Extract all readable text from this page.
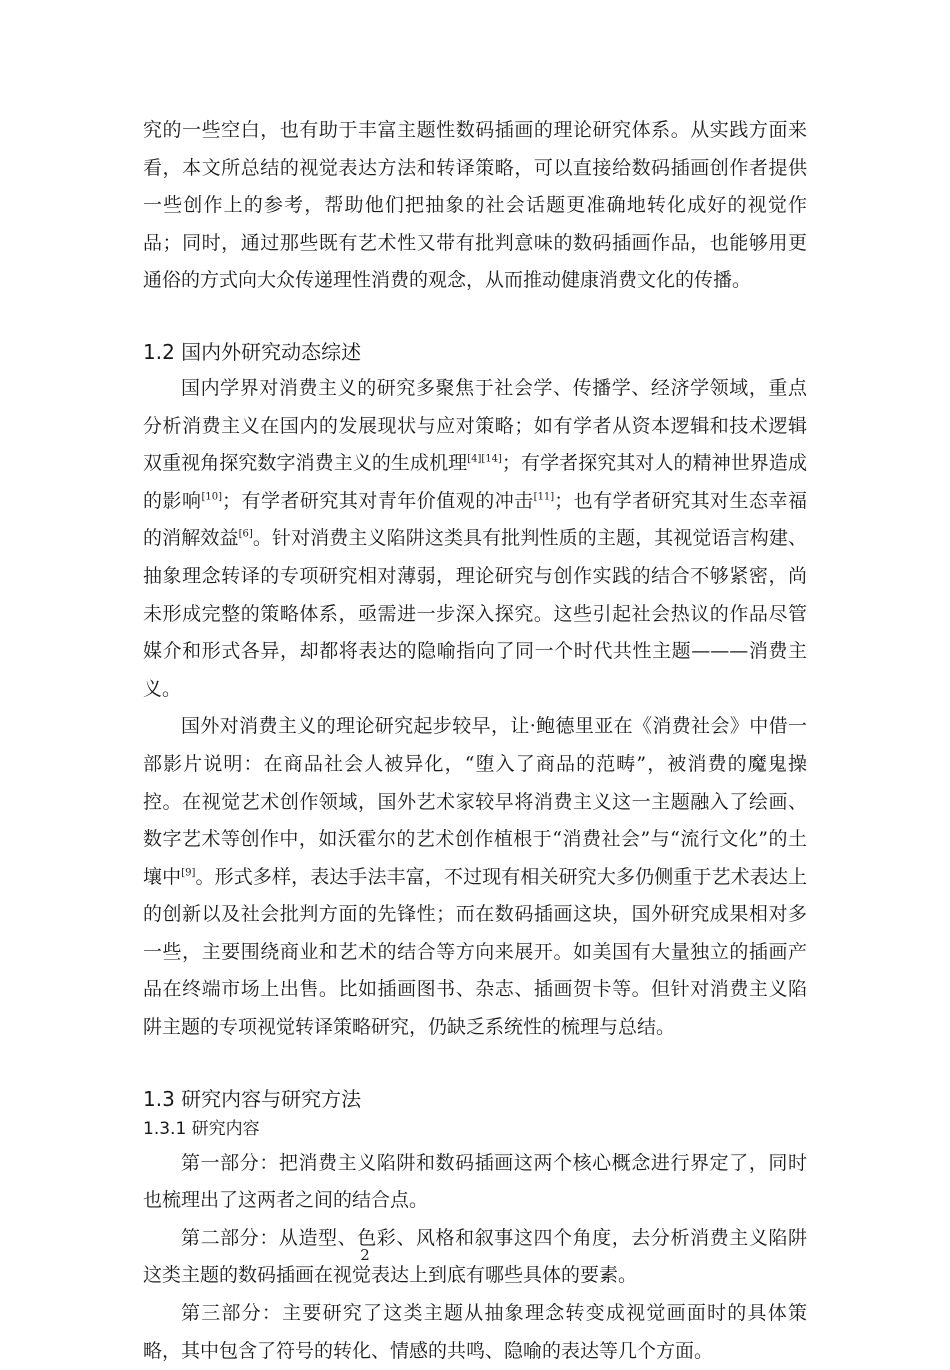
究的一些空白，也有助于丰富主题性数码插画的理论研究体系。从实践方面来看，本文所总结的视觉表达方法和转译策略，可以直接给数码插画创作者提供一些创作上的参考，帮助他们把抽象的社会话题更准确地转化成好的视觉作品；同时，通过那些既有艺术性又带有批判意味的数码插画作品，也能够用更通俗的方式向大众传递理性消费的观念，从而推动健康消费文化的传播。

1.2 国内外研究动态综述

国内学界对消费主义的研究多聚焦于社会学、传播学、经济学领域，重点分析消费主义在国内的发展现状与应对策略；如有学者从资本逻辑和技术逻辑双重视角探究数字消费主义的生成机理[4][14]；有学者探究其对人的精神世界造成的影响[10]；有学者研究其对青年价值观的冲击[11]；也有学者研究其对生态幸福的消解效益[6]。针对消费主义陷阱这类具有批判性质的主题，其视觉语言构建、抽象理念转译的专项研究相对薄弱，理论研究与创作实践的结合不够紧密，尚未形成完整的策略体系，亟需进一步深入探究。这些引起社会热议的作品尽管媒介和形式各异，却都将表达的隐喻指向了同一个时代共性主题———消费主义。

国外对消费主义的理论研究起步较早，让·鲍德里亚在《消费社会》中借一部影片说明：在商品社会人被异化，“堕入了商品的范畴”，被消费的魔鬼操控。在视觉艺术创作领域，国外艺术家较早将消费主义这一主题融入了绘画、数字艺术等创作中，如沃霍尔的艺术创作植根于“消费社会”与“流行文化”的土壤中[9]。形式多样，表达手法丰富，不过现有相关研究大多仍侧重于艺术表达上的创新以及社会批判方面的先锋性；而在数码插画这块，国外研究成果相对多一些，主要围绕商业和艺术的结合等方向来展开。如美国有大量独立的插画产品在终端市场上出售。比如插画图书、杂志、插画贺卡等。但针对消费主义陷阱主题的专项视觉转译策略研究，仍缺乏系统性的梳理与总结。

1.3 研究内容与研究方法
1.3.1 研究内容

第一部分：把消费主义陷阱和数码插画这两个核心概念进行界定了，同时也梳理出了这两者之间的结合点。

第二部分：从造型、色彩、风格和叙事这四个角度，去分析消费主义陷阱这类主题的数码插画在视觉表达上到底有哪些具体的要素。

第三部分：主要研究了这类主题从抽象理念转变成视觉画面时的具体策略，其中包含了符号的转化、情感的共鸣、隐喻的表达等几个方面。

2
